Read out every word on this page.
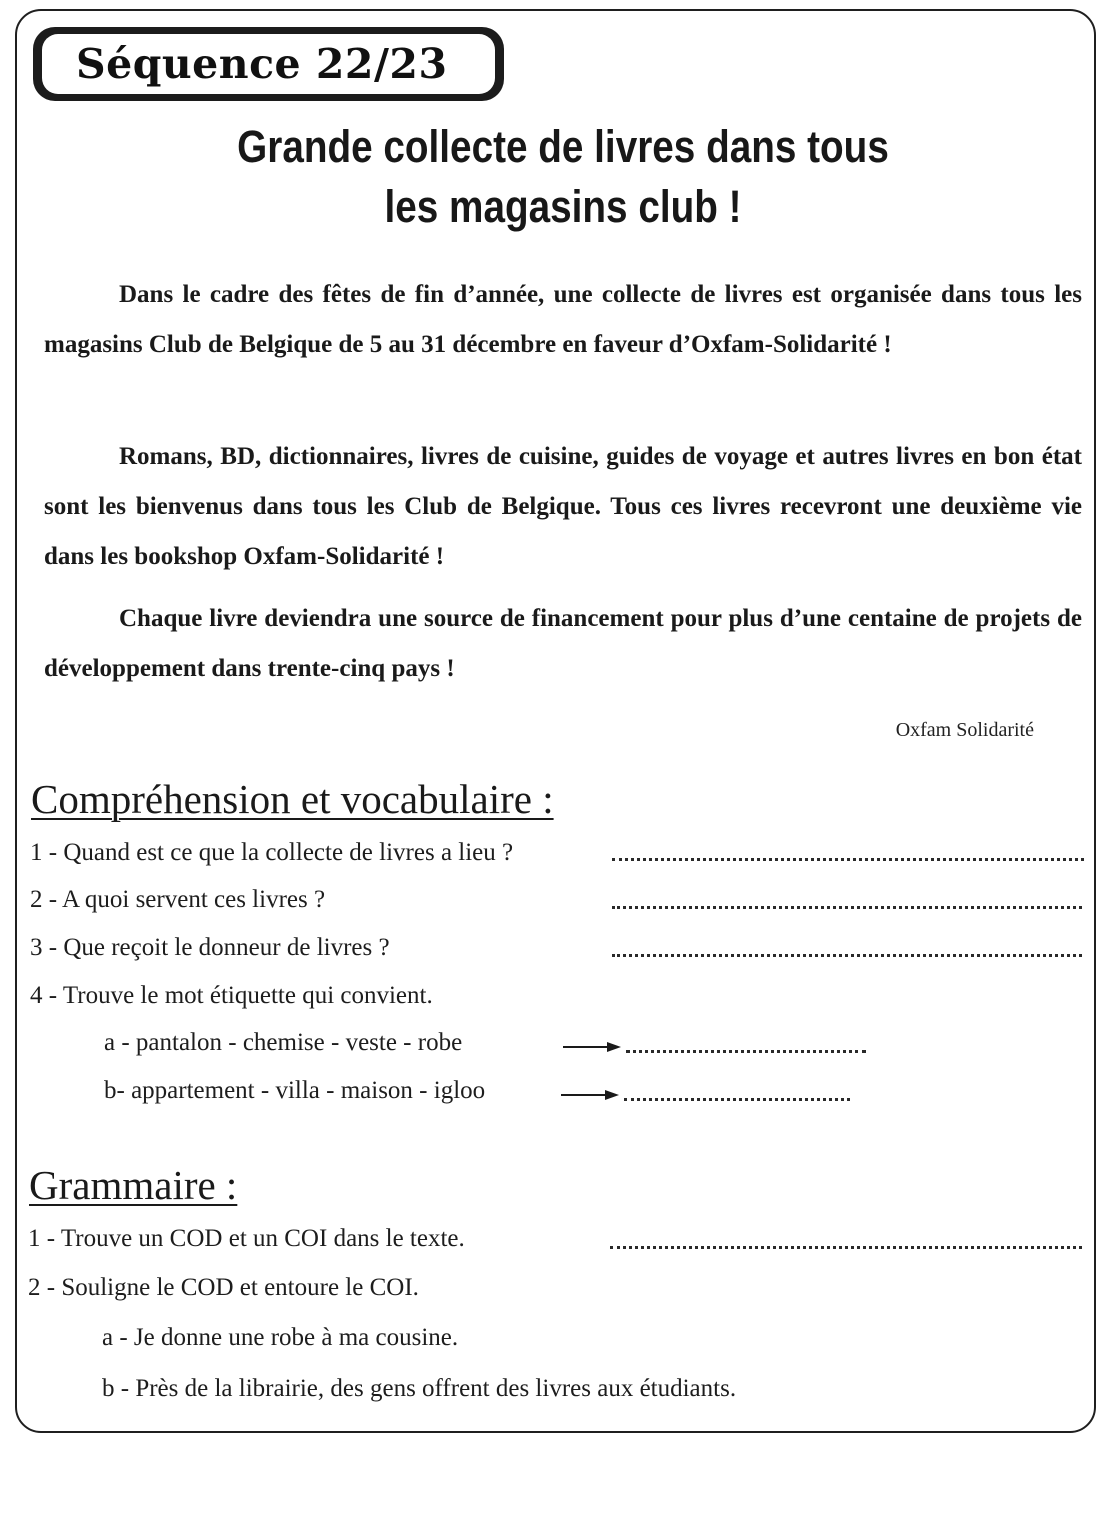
Séquence 22/23
Grande collecte de livres dans tous
les magasins club !

Dans le cadre des fêtes de fin d’année, une collecte de livres est organisée dans tous les magasins Club de Belgique de 5 au 31 décembre en faveur d’Oxfam-Solidarité !

Romans, BD, dictionnaires, livres de cuisine, guides de voyage et autres livres en bon état sont les bienvenus dans tous les Club de Belgique. Tous ces livres recevront une deuxième vie dans les bookshop Oxfam-Solidarité !

Chaque livre deviendra une source de financement pour plus d’une centaine de projets de développement dans trente-cinq pays !

Oxfam Solidarité
Compréhension et vocabulaire :
1 - Quand est ce que la collecte de livres a lieu ?
2 - A quoi servent ces livres ?
3 - Que reçoit le donneur de livres ?
4 - Trouve le mot étiquette qui convient.
a - pantalon - chemise - veste - robe
b- appartement - villa - maison - igloo
Grammaire :
1 - Trouve un COD et un COI dans le texte.
2 - Souligne le COD et entoure le COI.
a - Je donne une robe à ma cousine.
b - Près de la librairie, des gens offrent des livres aux étudiants.
